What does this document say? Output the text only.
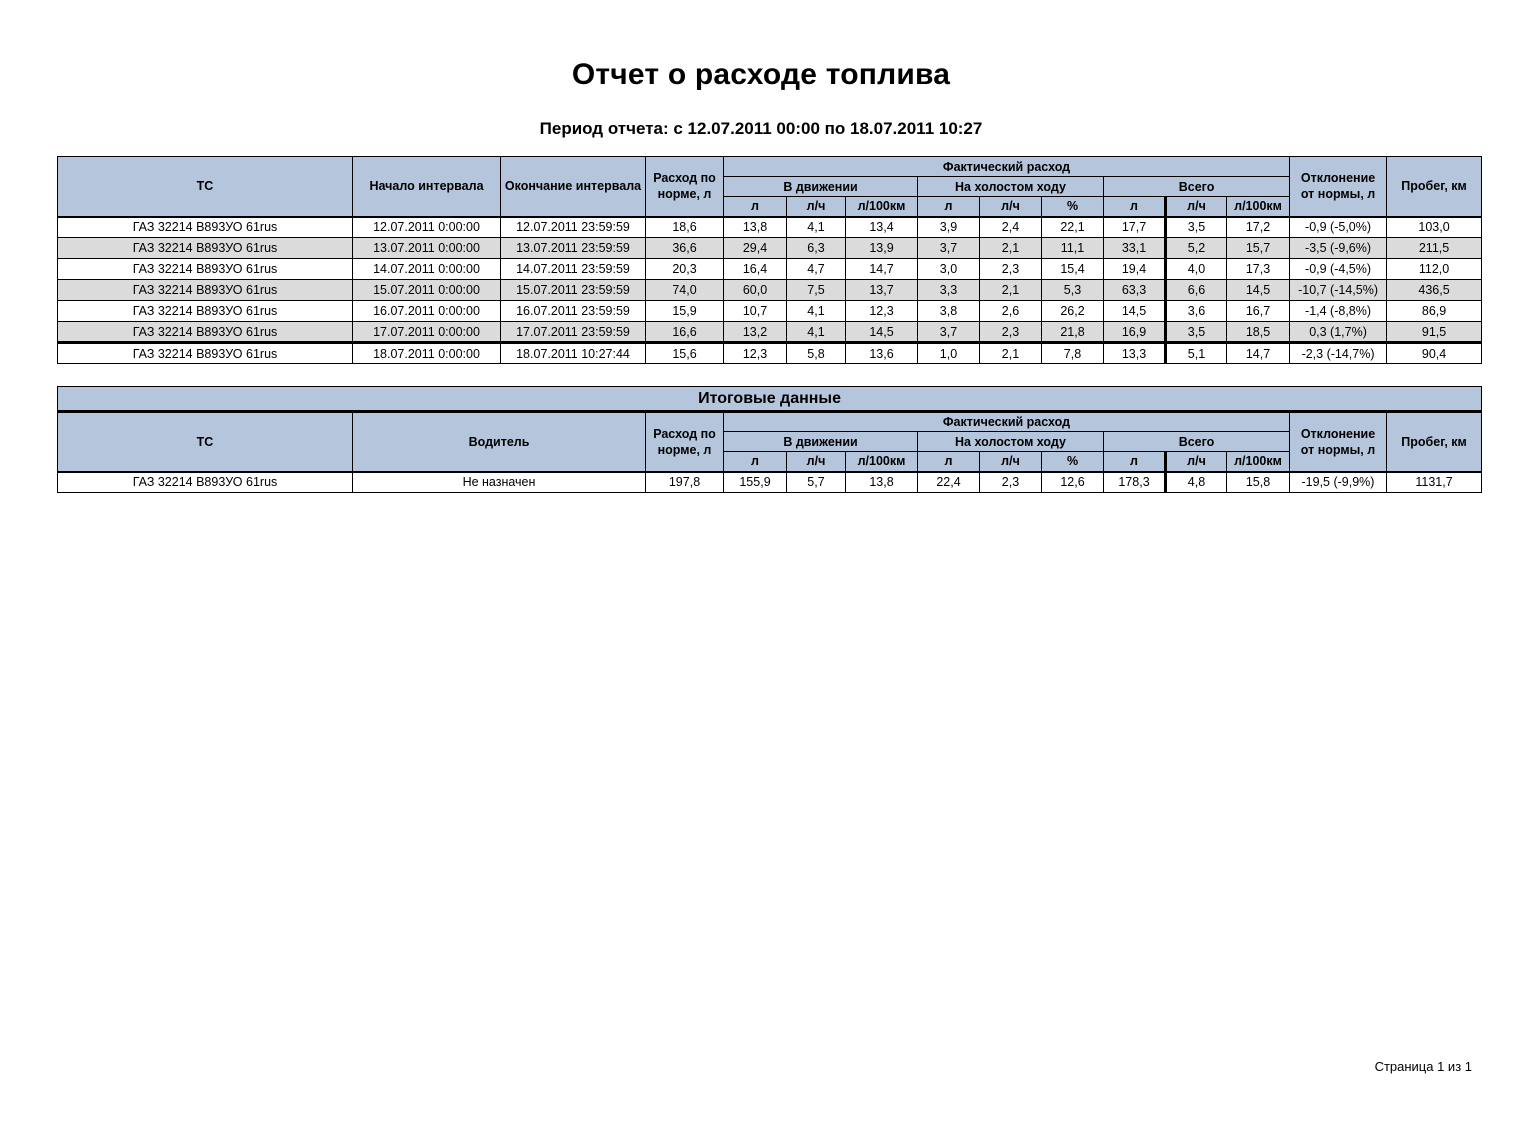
Отчет о расходе топлива
Период отчета: с 12.07.2011 00:00 по 18.07.2011 10:27
ТС	Начало интервала	Окончание интервала	Расход по норме, л	Фактический расход									Отклонение от нормы, л	Пробег, км
				В движении			На холостом ходу			Всего				
				л	л/ч	л/100км	л	л/ч	%	л	л/ч	л/100км		
ГАЗ 32214 В893УО 61rus	12.07.2011 0:00:00	12.07.2011 23:59:59	18,6	13,8	4,1	13,4	3,9	2,4	22,1	17,7	3,5	17,2	-0,9 (-5,0%)	103,0
ГАЗ 32214 В893УО 61rus	13.07.2011 0:00:00	13.07.2011 23:59:59	36,6	29,4	6,3	13,9	3,7	2,1	11,1	33,1	5,2	15,7	-3,5 (-9,6%)	211,5
ГАЗ 32214 В893УО 61rus	14.07.2011 0:00:00	14.07.2011 23:59:59	20,3	16,4	4,7	14,7	3,0	2,3	15,4	19,4	4,0	17,3	-0,9 (-4,5%)	112,0
ГАЗ 32214 В893УО 61rus	15.07.2011 0:00:00	15.07.2011 23:59:59	74,0	60,0	7,5	13,7	3,3	2,1	5,3	63,3	6,6	14,5	-10,7 (-14,5%)	436,5
ГАЗ 32214 В893УО 61rus	16.07.2011 0:00:00	16.07.2011 23:59:59	15,9	10,7	4,1	12,3	3,8	2,6	26,2	14,5	3,6	16,7	-1,4 (-8,8%)	86,9
ГАЗ 32214 В893УО 61rus	17.07.2011 0:00:00	17.07.2011 23:59:59	16,6	13,2	4,1	14,5	3,7	2,3	21,8	16,9	3,5	18,5	0,3 (1,7%)	91,5
ГАЗ 32214 В893УО 61rus	18.07.2011 0:00:00	18.07.2011 10:27:44	15,6	12,3	5,8	13,6	1,0	2,1	7,8	13,3	5,1	14,7	-2,3 (-14,7%)	90,4
Итоговые данные													
ТС	Водитель	Расход по норме, л	Фактический расход									Отклонение от нормы, л	Пробег, км
			В движении			На холостом ходу			Всего				
			л	л/ч	л/100км	л	л/ч	%	л	л/ч	л/100км		
ГАЗ 32214 В893УО 61rus	Не назначен	197,8	155,9	5,7	13,8	22,4	2,3	12,6	178,3	4,8	15,8	-19,5 (-9,9%)	1131,7
Страница 1 из 1
